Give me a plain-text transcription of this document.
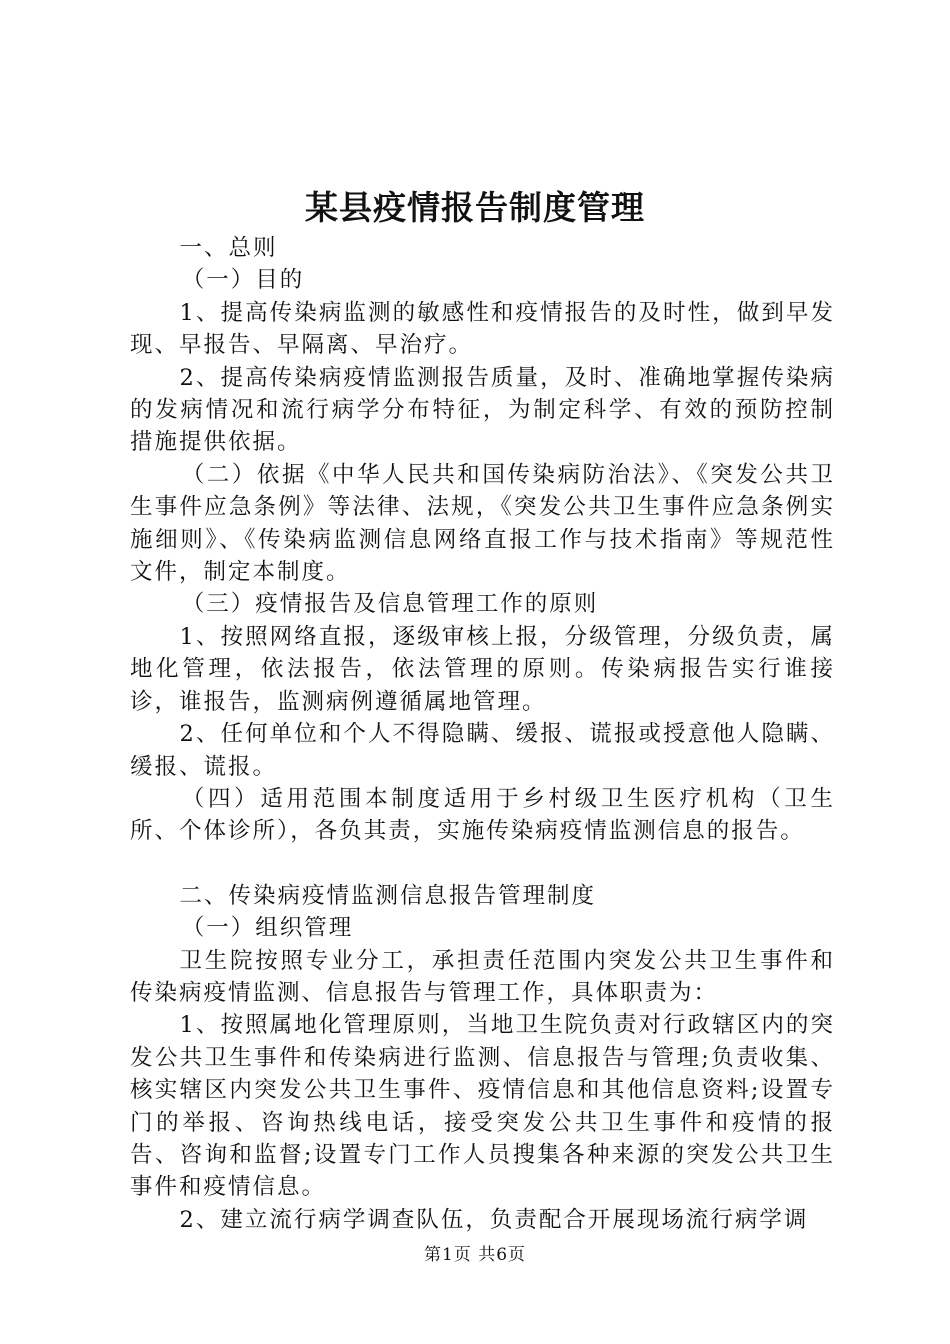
某县疫情报告制度管理

一、总则

（一）目的

1、提高传染病监测的敏感性和疫情报告的及时性，做到早发现、早报告、早隔离、早治疗。

2、提高传染病疫情监测报告质量，及时、准确地掌握传染病的发病情况和流行病学分布特征，为制定科学、有效的预防控制措施提供依据。

（二）依据《中华人民共和国传染病防治法》、《突发公共卫生事件应急条例》等法律、法规，《突发公共卫生事件应急条例实施细则》、《传染病监测信息网络直报工作与技术指南》等规范性文件，制定本制度。

（三）疫情报告及信息管理工作的原则

1、按照网络直报，逐级审核上报，分级管理，分级负责，属地化管理，依法报告，依法管理的原则。传染病报告实行谁接诊，谁报告，监测病例遵循属地管理。

2、任何单位和个人不得隐瞒、缓报、谎报或授意他人隐瞒、缓报、谎报。

（四）适用范围本制度适用于乡村级卫生医疗机构（卫生所、个体诊所），各负其责，实施传染病疫情监测信息的报告。

二、传染病疫情监测信息报告管理制度

（一）组织管理

卫生院按照专业分工，承担责任范围内突发公共卫生事件和传染病疫情监测、信息报告与管理工作，具体职责为：

1、按照属地化管理原则，当地卫生院负责对行政辖区内的突发公共卫生事件和传染病进行监测、信息报告与管理;负责收集、核实辖区内突发公共卫生事件、疫情信息和其他信息资料;设置专门的举报、咨询热线电话，接受突发公共卫生事件和疫情的报告、咨询和监督;设置专门工作人员搜集各种来源的突发公共卫生事件和疫情信息。

2、建立流行病学调查队伍，负责配合开展现场流行病学调

第1页 共6页
